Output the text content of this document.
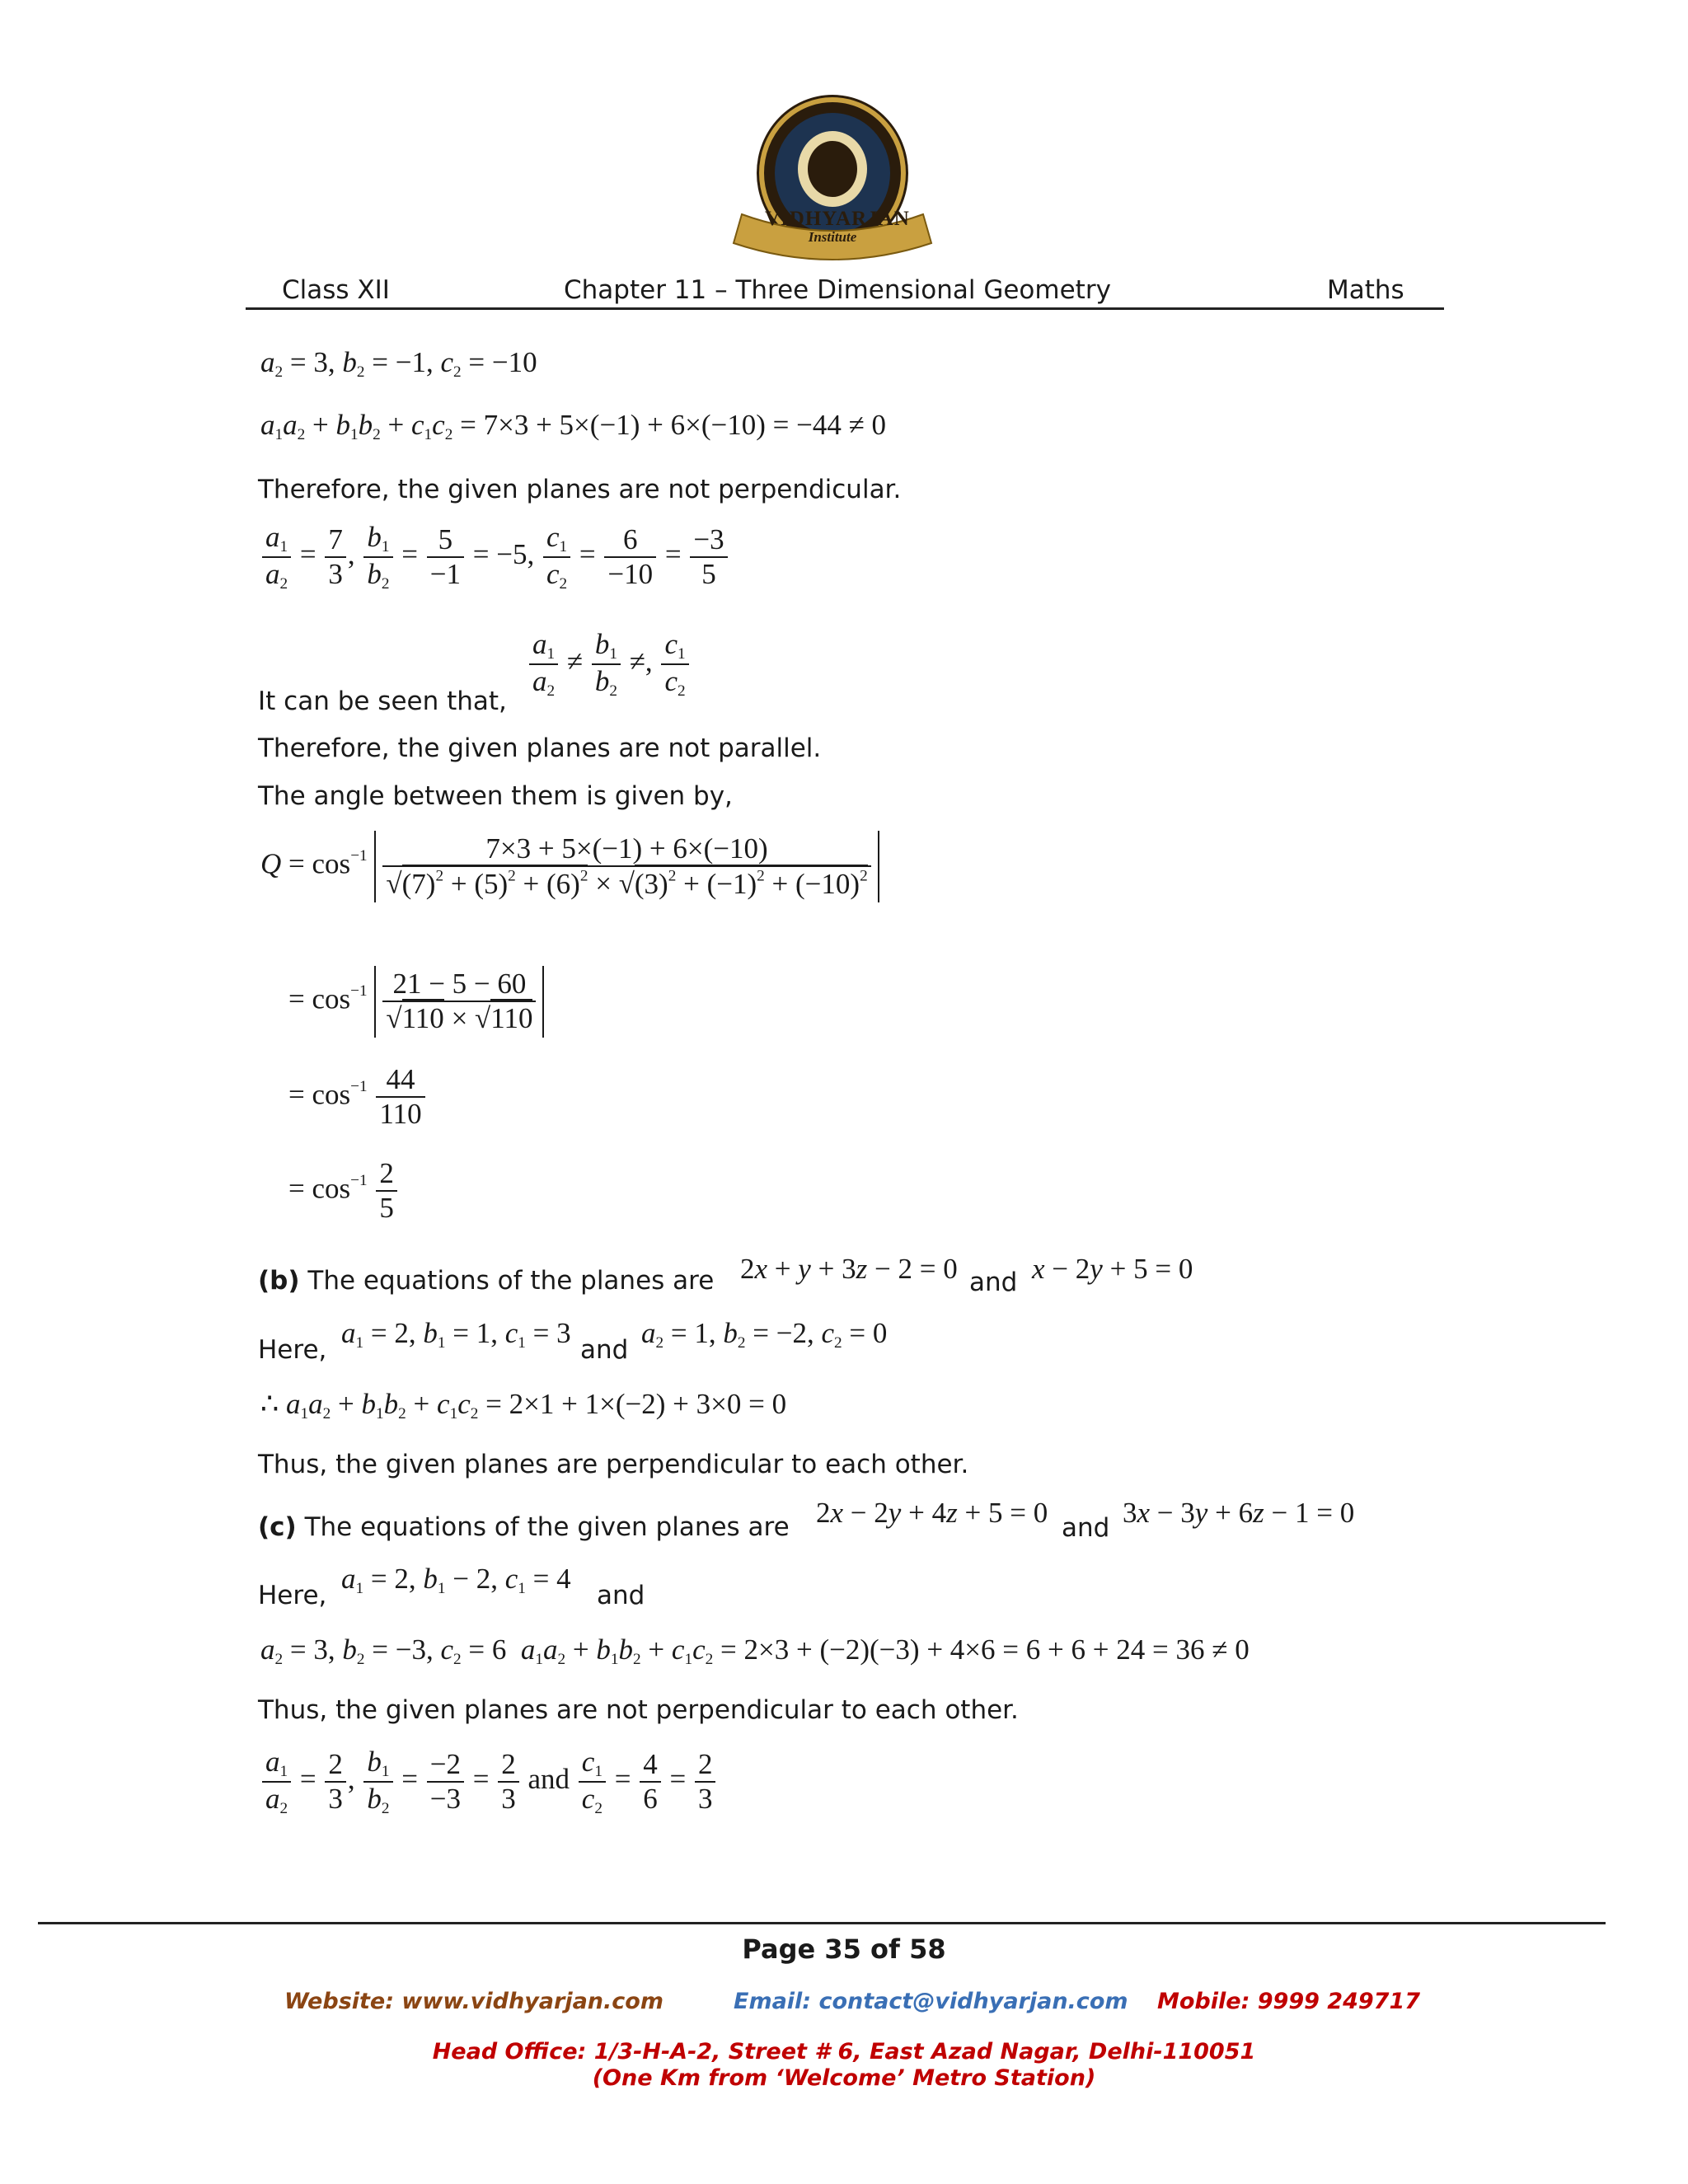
VIDHYARJAN
Institute
Class XII	Chapter 11 – Three Dimensional Geometry	Maths
$a_2 = 3$, $b_2 = -1$, $c_2 = -10$
$a_1a_2 + b_1b_2 + c_1c_2 = 7\times 3 + 5\times(-1) + 6\times(-10) = -44 \ne 0$
Therefore, the given planes are not perpendicular.
$\frac{a_1}{a_2} = \frac{7}{3}$ , $\frac{b_1}{b_2} = \frac{5}{-1} = -5$, $\frac{c_1}{c_2} = \frac{6}{-10} = \frac{-3}{5}$
$\frac{a_1}{a_2} \ne \frac{b_1}{b_2}$ ≠, $\frac{c_1}{c_2}$
It can be seen that,
Therefore, the given planes are not parallel.
The angle between them is given by,
$Q = \cos^{-1} \frac{7\times 3 + 5\times(-1) + 6\times(-10)}{√(7)^2 + (5)^2 + (6)^2 \times √(3)^2 + (-1)^2 + (-10)^2}$
= $\cos^{-1} \frac{21 - 5 - 60}{√110 \times √110}$
= $\cos^{-1} \frac{44}{110}$
= $\cos^{-1} \frac{2}{5}$
(b) The equations of the planes are 2x + y + 3z − 2 = 0 and x − 2y + 5 = 0
Here,
$a_1 = 2$, $b_1 = 1$, $c_1 = 3$
and
$a_2 = 1$, $b_2 = -2$, $c_2 = 0$
∴ $a_1a_2 + b_1b_2 + c_1c_2 = 2\times 1 + 1\times(-2) + 3\times 0 = 0$
Thus, the given planes are perpendicular to each other.
(c) The equations of the given planes are 2x − 2y + 4z + 5 = 0 and 3x − 3y + 6z − 1 = 0
Here,
$a_1 = 2$, $b_1 - 2$, $c_1 = 4$
and
$a_2 = 3$, $b_2 = -3$, $c_2 = 6$  $a_1a_2 + b_1b_2 + c_1c_2 = 2\times 3 + (-2)(-3) + 4\times 6 = 6 + 6 + 24 = 36 \ne 0$
Thus, the given planes are not perpendicular to each other.
$\frac{a_1}{a_2} = \frac{2}{3}$ , $\frac{b_1}{b_2} = \frac{-2}{-3} = \frac{2}{3}$ and $\frac{c_1}{c_2} = \frac{4}{6} = \frac{2}{3}$
Page 35 of 58
Website: www.vidhyarjan.com	Email: contact@vidhyarjan.com Mobile: 9999 249717
Head Office: 1/3-H-A-2, Street # 6, East Azad Nagar, Delhi-110051
(One Km from ‘Welcome’ Metro Station)
